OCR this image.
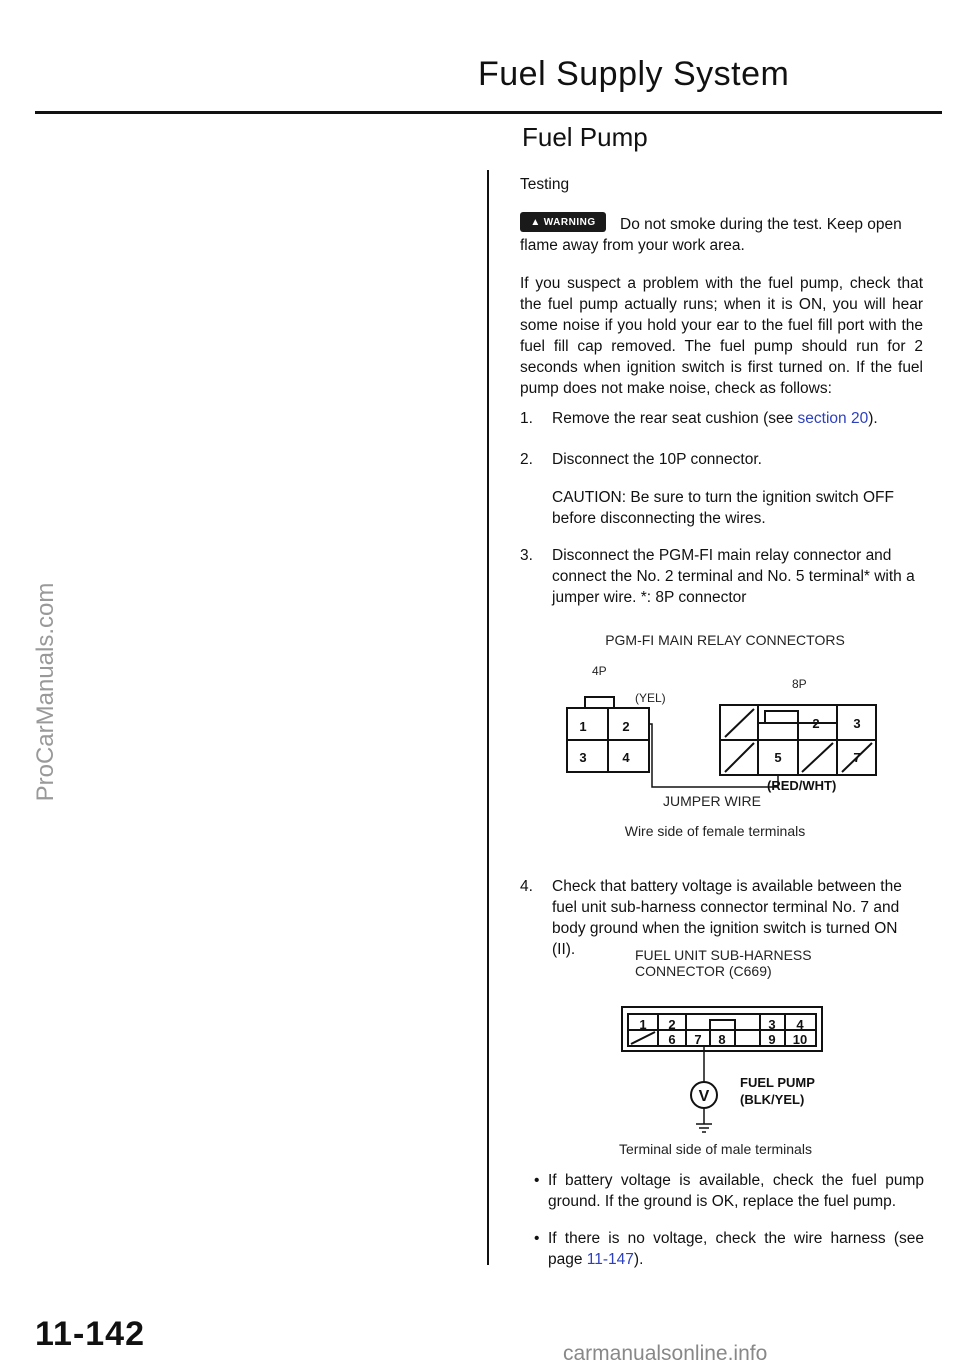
Fuel Supply System
Fuel Pump
ProCarManuals.com
Testing
Do not smoke during the test. Keep open flame away from your work area.
▲ WARNING
If you suspect a problem with the fuel pump, check that the fuel pump actually runs; when it is ON, you will hear some noise if you hold your ear to the fuel fill port with the fuel fill cap removed. The fuel pump should run for 2 seconds when ignition switch is first turned on. If the fuel pump does not make noise, check as follows:
1. Remove the rear seat cushion (see section 20).
2. Disconnect the 10P connector.
CAUTION: Be sure to turn the ignition switch OFF before disconnecting the wires.
3. Disconnect the PGM-FI main relay connector and connect the No. 2 terminal and No. 5 terminal* with a jumper wire. *: 8P connector
PGM-FI MAIN RELAY CONNECTORS
4P
8P
(YEL)
1	2
3	4
2	3
5	7
(RED/WHT)
JUMPER WIRE
Wire side of female terminals
4. Check that battery voltage is available between the fuel unit sub-harness connector terminal No. 7 and body ground when the ignition switch is turned ON (II).	FUEL UNIT SUB-HARNESS
CONNECTOR (C669)
1 2	3 4
6 7 8	9 10
V
FUEL PUMP
(BLK/YEL)
Terminal side of male terminals
• If battery voltage is available, check the fuel pump ground. If the ground is OK, replace the fuel pump.
• If there is no voltage, check the wire harness (see page 11-147).
11-142
carmanualsonline.info
